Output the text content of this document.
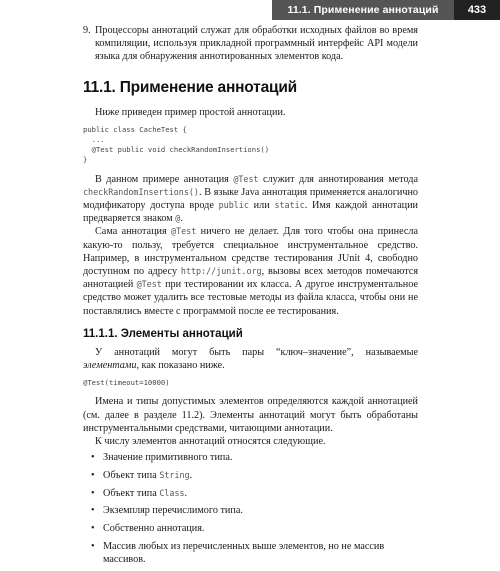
11.1. Применение аннотаций	433

9. Процессоры аннотаций служат для обработки исходных файлов во время компиляции, используя прикладной программный интерфейс API модели языка для обнаружения аннотированных элементов кода.

11.1. Применение аннотаций

Ниже приведен пример простой аннотации.

public class CacheTest {
...
@Test public void checkRandomInsertions()
}

В данном примере аннотация @Test служит для аннотирования метода checkRandomInsertions(). В языке Java аннотация применяется аналогично модификатору доступа вроде public или static. Имя каждой аннотации предваряется знаком @.

Сама аннотация @Test ничего не делает. Для того чтобы она принесла какую-то пользу, требуется специальное инструментальное средство. Например, в инструментальном средстве тестирования JUnit 4, свободно доступном по адресу http://junit.org, вызовы всех методов помечаются аннотацией @Test при тестировании их класса. А другое инструментальное средство может удалить все тестовые методы из файла класса, чтобы они не поставлялись вместе с программой после ее тестирования.

11.1.1. Элементы аннотаций

У аннотаций могут быть пары “ключ–значение”, называемые элементами, как показано ниже.

@Test(timeout=10000)

Имена и типы допустимых элементов определяются каждой аннотацией (см. далее в разделе 11.2). Элементы аннотаций могут быть обработаны инструментальными средствами, читающими аннотации.

К числу элементов аннотаций относятся следующие.

• Значение примитивного типа.
• Объект типа String.
• Объект типа Class.
• Экземпляр перечислимого типа.
• Собственно аннотация.
• Массив любых из перечисленных выше элементов, но не массив массивов.
